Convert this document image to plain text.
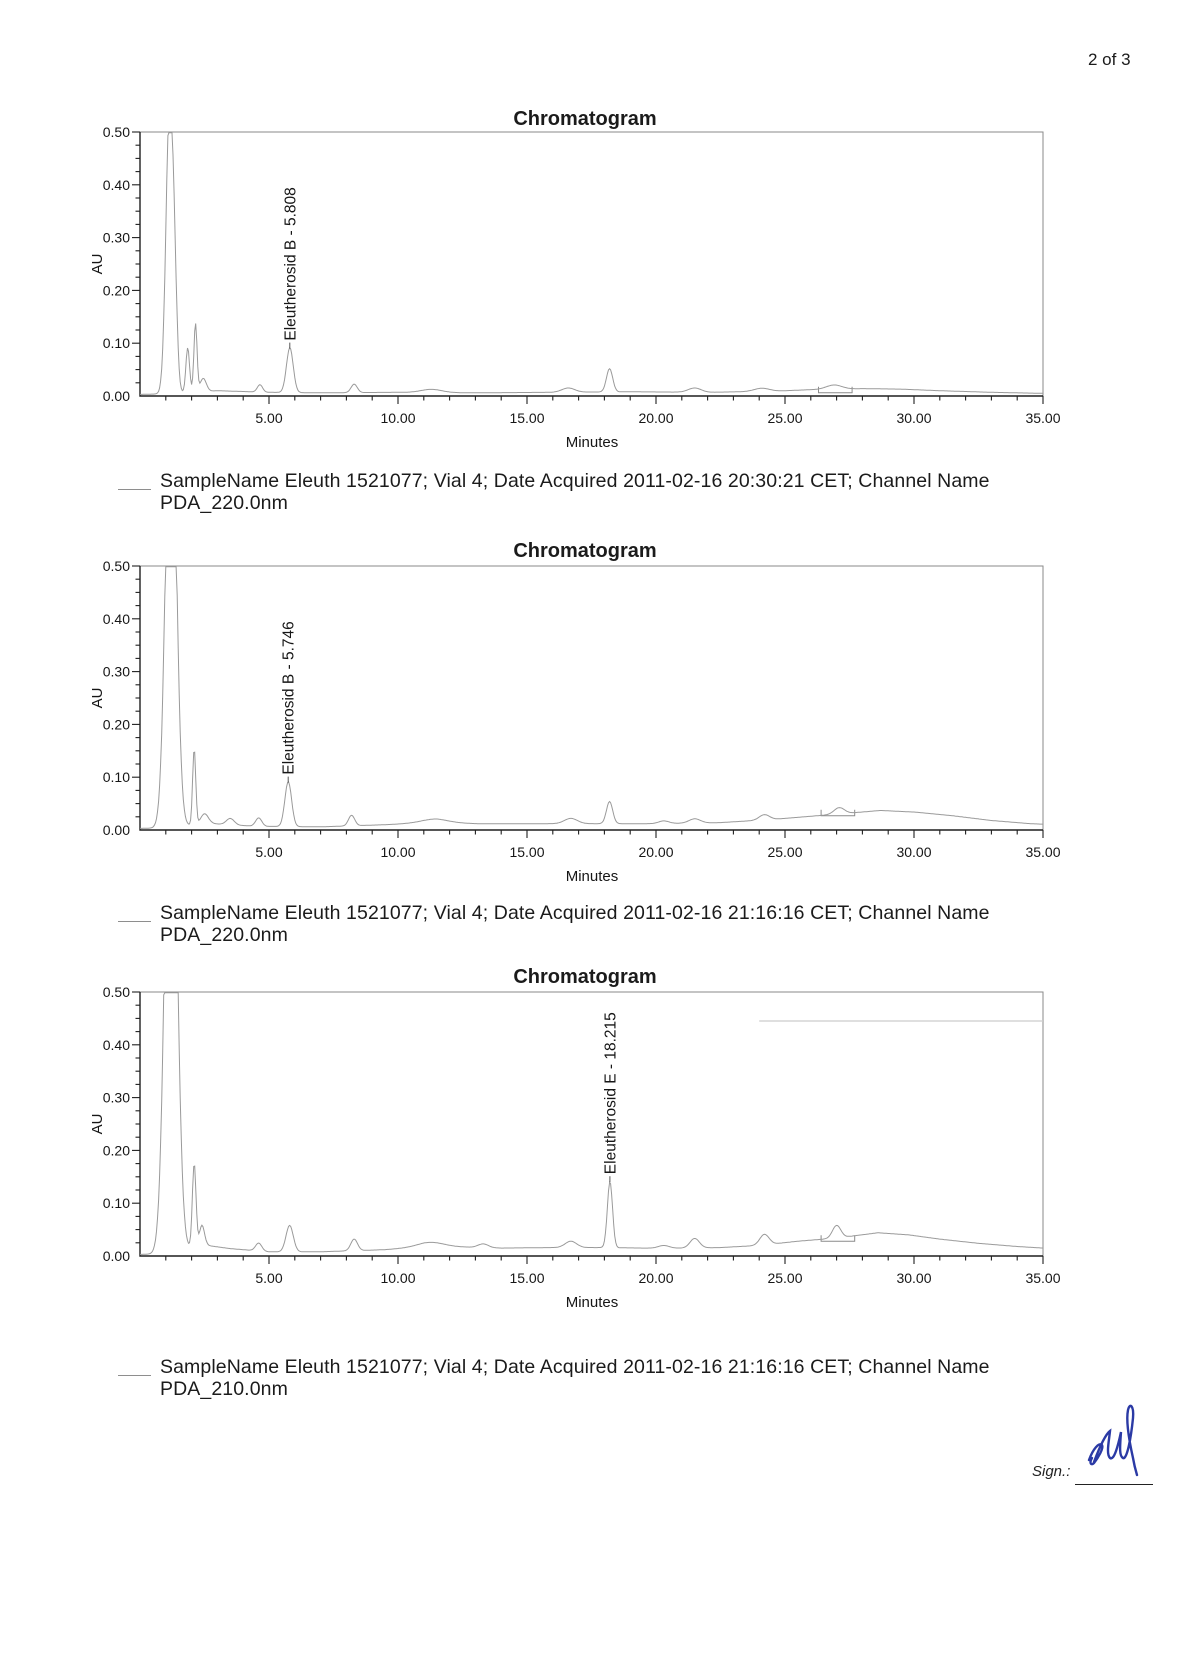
2 of 3
Chromatogram
0.00
0.10
0.20
0.30
0.40
0.50
5.00	10.00	15.00	20.00	25.00	30.00	35.00
Minutes
AU	Eleutherosid B - 5.808
SampleName Eleuth 1521077; Vial 4; Date Acquired 2011-02-16 20:30:21 CET; Channel Name
PDA_220.0nm
Chromatogram
0.00
0.10
0.20
0.30
0.40
0.50
5.00	10.00	15.00	20.00	25.00	30.00	35.00
Minutes
AU	Eleutherosid B - 5.746
SampleName Eleuth 1521077; Vial 4; Date Acquired 2011-02-16 21:16:16 CET; Channel Name
PDA_220.0nm
Chromatogram
0.00
0.10
0.20
0.30
0.40
0.50
5.00	10.00	15.00	20.00	25.00	30.00	35.00
Minutes
AU	Eleutherosid E - 18.215
SampleName Eleuth 1521077; Vial 4; Date Acquired 2011-02-16 21:16:16 CET; Channel Name
PDA_210.0nm
Sign.:
